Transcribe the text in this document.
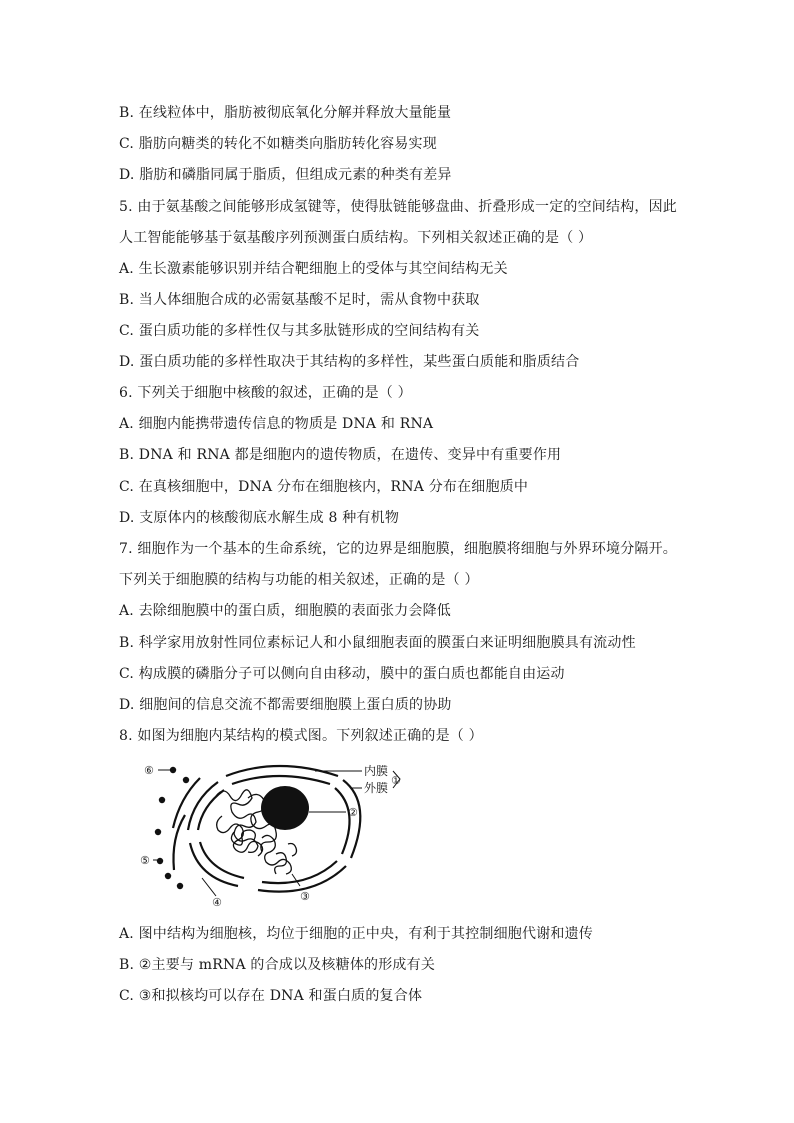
B. 在线粒体中，脂肪被彻底氧化分解并释放大量能量
C. 脂肪向糖类的转化不如糖类向脂肪转化容易实现
D. 脂肪和磷脂同属于脂质，但组成元素的种类有差异
5. 由于氨基酸之间能够形成氢键等，使得肽链能够盘曲、折叠形成一定的空间结构，因此
人工智能能够基于氨基酸序列预测蛋白质结构。下列相关叙述正确的是（ ）
A. 生长激素能够识别并结合靶细胞上的受体与其空间结构无关
B. 当人体细胞合成的必需氨基酸不足时，需从食物中获取
C. 蛋白质功能的多样性仅与其多肽链形成的空间结构有关
D. 蛋白质功能的多样性取决于其结构的多样性，某些蛋白质能和脂质结合
6. 下列关于细胞中核酸的叙述，正确的是（ ）
A. 细胞内能携带遗传信息的物质是 DNA 和 RNA
B. DNA 和 RNA 都是细胞内的遗传物质，在遗传、变异中有重要作用
C. 在真核细胞中，DNA 分布在细胞核内，RNA 分布在细胞质中
D. 支原体内的核酸彻底水解生成 8 种有机物
7. 细胞作为一个基本的生命系统，它的边界是细胞膜，细胞膜将细胞与外界环境分隔开。
下列关于细胞膜的结构与功能的相关叙述，正确的是（ ）
A. 去除细胞膜中的蛋白质，细胞膜的表面张力会降低
B. 科学家用放射性同位素标记人和小鼠细胞表面的膜蛋白来证明细胞膜具有流动性
C. 构成膜的磷脂分子可以侧向自由移动，膜中的蛋白质也都能自由运动
D. 细胞间的信息交流不都需要细胞膜上蛋白质的协助
8. 如图为细胞内某结构的模式图。下列叙述正确的是（ ）
内膜
外膜
①
②
③
④
⑤
⑥
A. 图中结构为细胞核，均位于细胞的正中央，有利于其控制细胞代谢和遗传
B. ②主要与 mRNA 的合成以及核糖体的形成有关
C. ③和拟核均可以存在 DNA 和蛋白质的复合体
